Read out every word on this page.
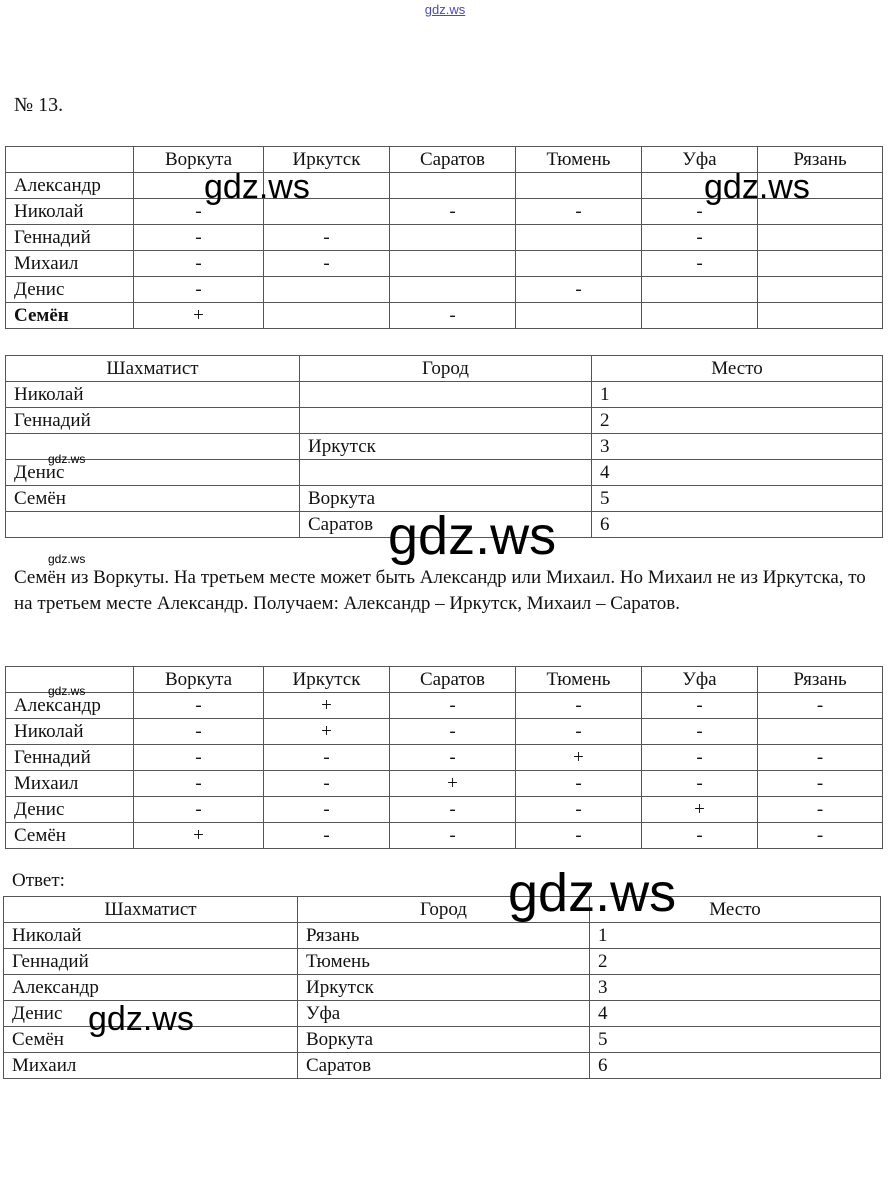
gdz.ws
№ 13.
	Воркута	Иркутск	Саратов	Тюмень	Уфа	Рязань
Александр						
Николай	-		-	-	-	
Геннадий	-	-			-	
Михаил	-	-			-	
Денис	-			-		
Семён	+		-			
Шахматист	Город	Место
Николай		1
Геннадий		2
	Иркутск	3
Денис		4
Семён	Воркута	5
	Саратов	6
Семён из Воркуты. На третьем месте может быть Александр или Михаил. Но Михаил не из Иркутска, то на третьем месте Александр. Получаем: Александр – Иркутск, Михаил – Саратов.
	Воркута	Иркутск	Саратов	Тюмень	Уфа	Рязань
Александр	-	+	-	-	-	-
Николай	-	+	-	-	-	
Геннадий	-	-	-	+	-	-
Михаил	-	-	+	-	-	-
Денис	-	-	-	-	+	-
Семён	+	-	-	-	-	-
Ответ:
Шахматист	Город	Место
Николай	Рязань	1
Геннадий	Тюмень	2
Александр	Иркутск	3
Денис	Уфа	4
Семён	Воркута	5
Михаил	Саратов	6
gdz.ws	gdz.ws
gdz.ws
gdz.ws
gdz.ws
gdz.ws
gdz.ws
gdz.ws
